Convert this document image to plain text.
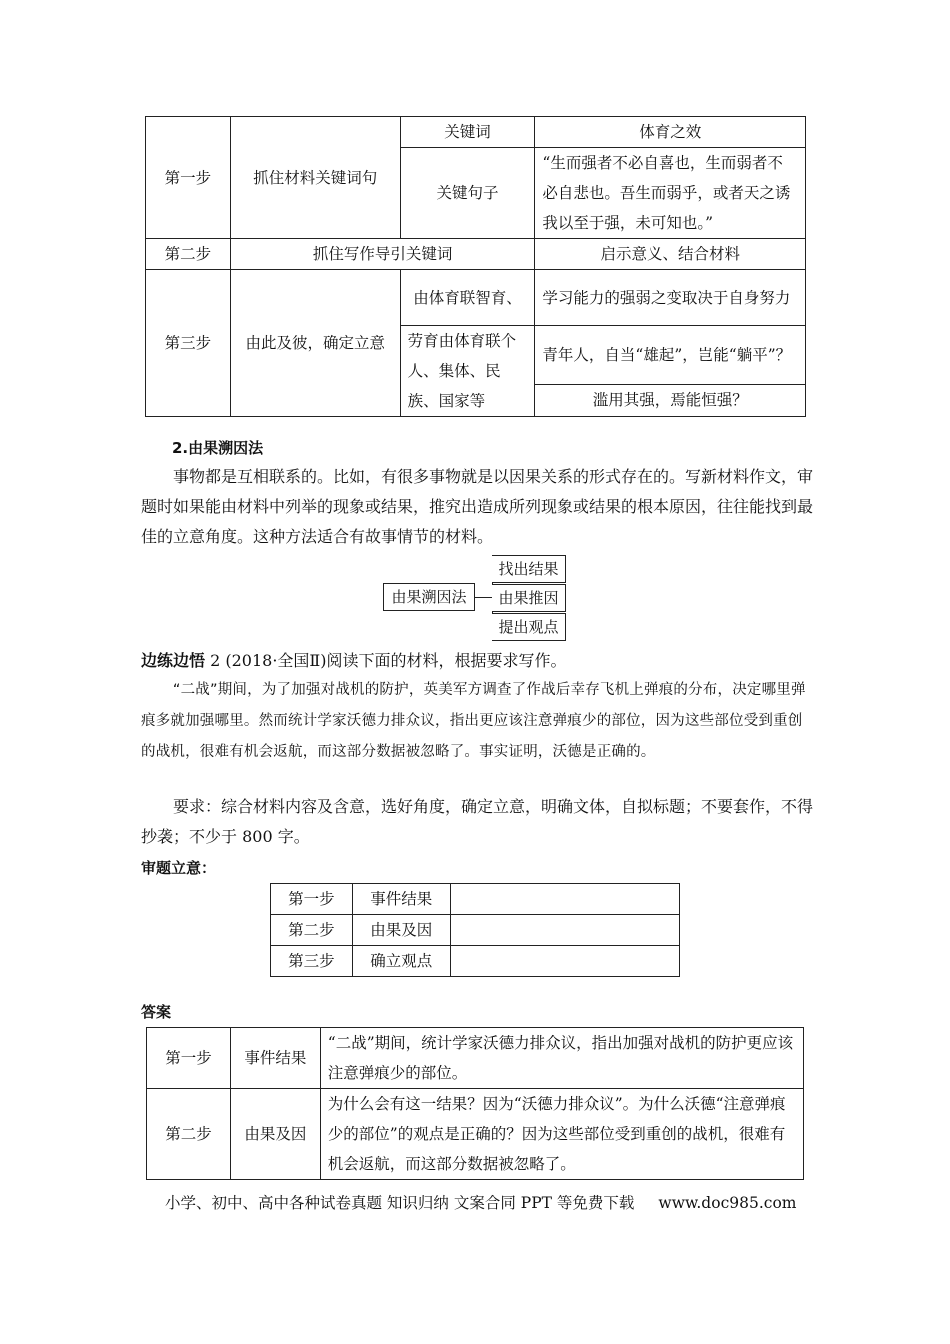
第一步	抓住材料关键词句	关键词	体育之效
		关键句子	“生而强者不必自喜也，生而弱者不必自悲也。吾生而弱乎，或者天之诱我以至于强，未可知也。”
第二步	抓住写作导引关键词		启示意义、结合材料
第三步	由此及彼，确定立意	由体育联智育、	学习能力的强弱之变取决于自身努力
		劳育由体育联个人、集体、民族、国家等	青年人，自当“雄起”，岂能“躺平”？
			滥用其强，焉能恒强？
2.由果溯因法

事物都是互相联系的。比如，有很多事物就是以因果关系的形式存在的。写新材料作文，审题时如果能由材料中列举的现象或结果，推究出造成所列现象或结果的根本原因，往往能找到最佳的立意角度。这种方法适合有故事情节的材料。

由果溯因法
找出结果
由果推因
提出观点
边练边悟 2 (2018·全国Ⅱ)阅读下面的材料，根据要求写作。

“二战”期间，为了加强对战机的防护，英美军方调查了作战后幸存飞机上弹痕的分布，决定哪里弹痕多就加强哪里。然而统计学家沃德力排众议，指出更应该注意弹痕少的部位，因为这些部位受到重创的战机，很难有机会返航，而这部分数据被忽略了。事实证明，沃德是正确的。

要求：综合材料内容及含意，选好角度，确定立意，明确文体，自拟标题；不要套作，不得抄袭；不少于 800 字。

审题立意：
第一步	事件结果	
第二步	由果及因	
第三步	确立观点	
答案
第一步	事件结果	“二战”期间，统计学家沃德力排众议，指出加强对战机的防护更应该注意弹痕少的部位。
第二步	由果及因	为什么会有这一结果？因为“沃德力排众议”。为什么沃德“注意弹痕少的部位”的观点是正确的？因为这些部位受到重创的战机，很难有机会返航，而这部分数据被忽略了。
小学、初中、高中各种试卷真题 知识归纳 文案合同 PPT 等免费下载 www.doc985.com
